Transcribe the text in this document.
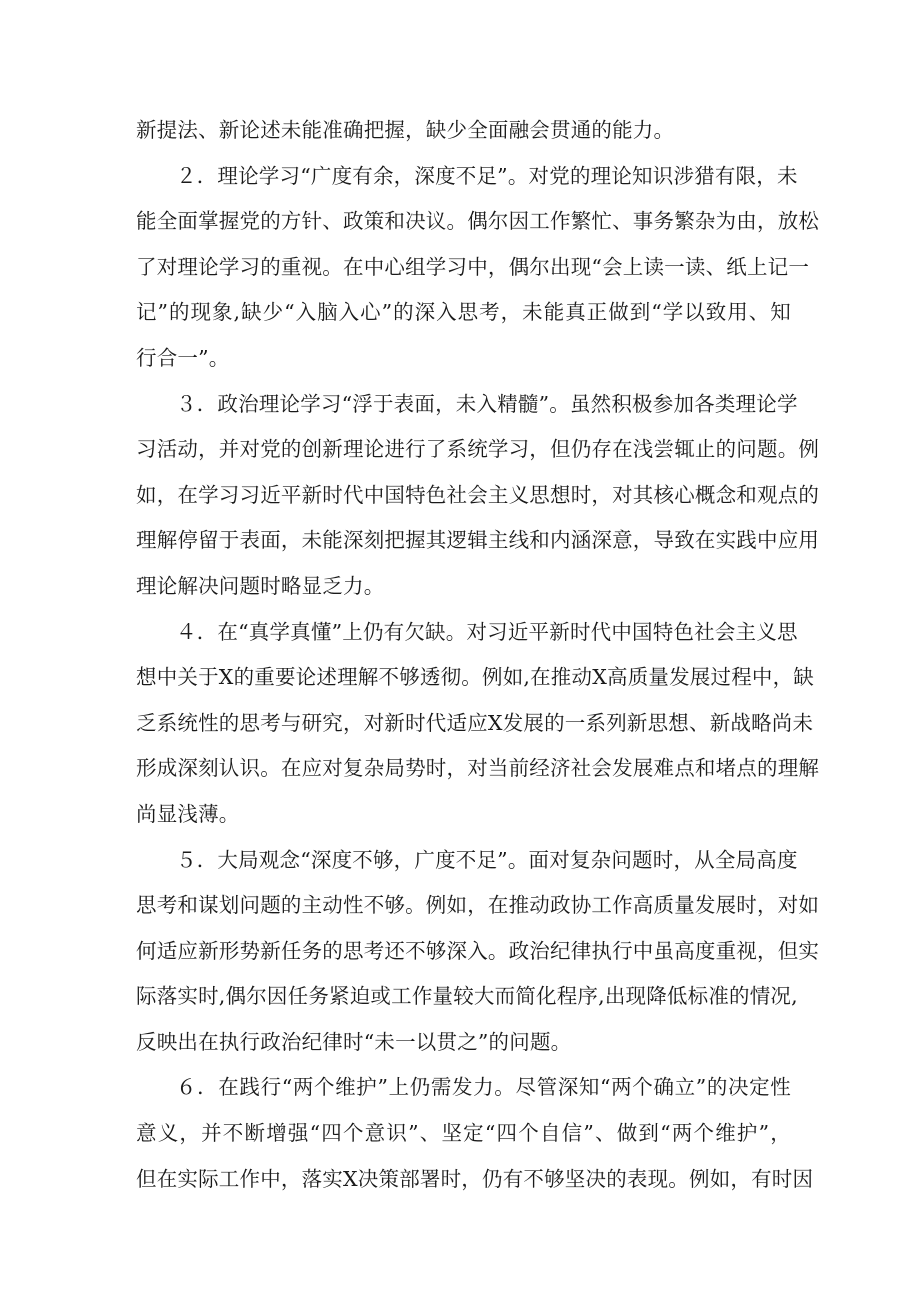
新提法、新论述未能准确把握，缺少全面融会贯通的能力。
２．理论学习“广度有余，深度不足”。对党的理论知识涉猎有限，未
能全面掌握党的方针、政策和决议。偶尔因工作繁忙、事务繁杂为由，放松
了对理论学习的重视。在中心组学习中，偶尔出现“会上读一读、纸上记一
记”的现象,缺少“入脑入心”的深入思考，未能真正做到“学以致用、知
行合一”。
３．政治理论学习“浮于表面，未入精髓”。虽然积极参加各类理论学
习活动，并对党的创新理论进行了系统学习，但仍存在浅尝辄止的问题。例
如，在学习习近平新时代中国特色社会主义思想时，对其核心概念和观点的
理解停留于表面，未能深刻把握其逻辑主线和内涵深意，导致在实践中应用
理论解决问题时略显乏力。
４．在“真学真懂”上仍有欠缺。对习近平新时代中国特色社会主义思
想中关于X的重要论述理解不够透彻。例如,在推动X高质量发展过程中，缺
乏系统性的思考与研究，对新时代适应X发展的一系列新思想、新战略尚未
形成深刻认识。在应对复杂局势时，对当前经济社会发展难点和堵点的理解
尚显浅薄。
５．大局观念“深度不够，广度不足”。面对复杂问题时，从全局高度
思考和谋划问题的主动性不够。例如，在推动政协工作高质量发展时，对如
何适应新形势新任务的思考还不够深入。政治纪律执行中虽高度重视，但实
际落实时,偶尔因任务紧迫或工作量较大而简化程序,出现降低标准的情况,
反映出在执行政治纪律时“未一以贯之”的问题。
６．在践行“两个维护”上仍需发力。尽管深知“两个确立”的决定性
意义，并不断增强“四个意识”、坚定“四个自信”、做到“两个维护”，
但在实际工作中，落实X决策部署时，仍有不够坚决的表现。例如，有时因
